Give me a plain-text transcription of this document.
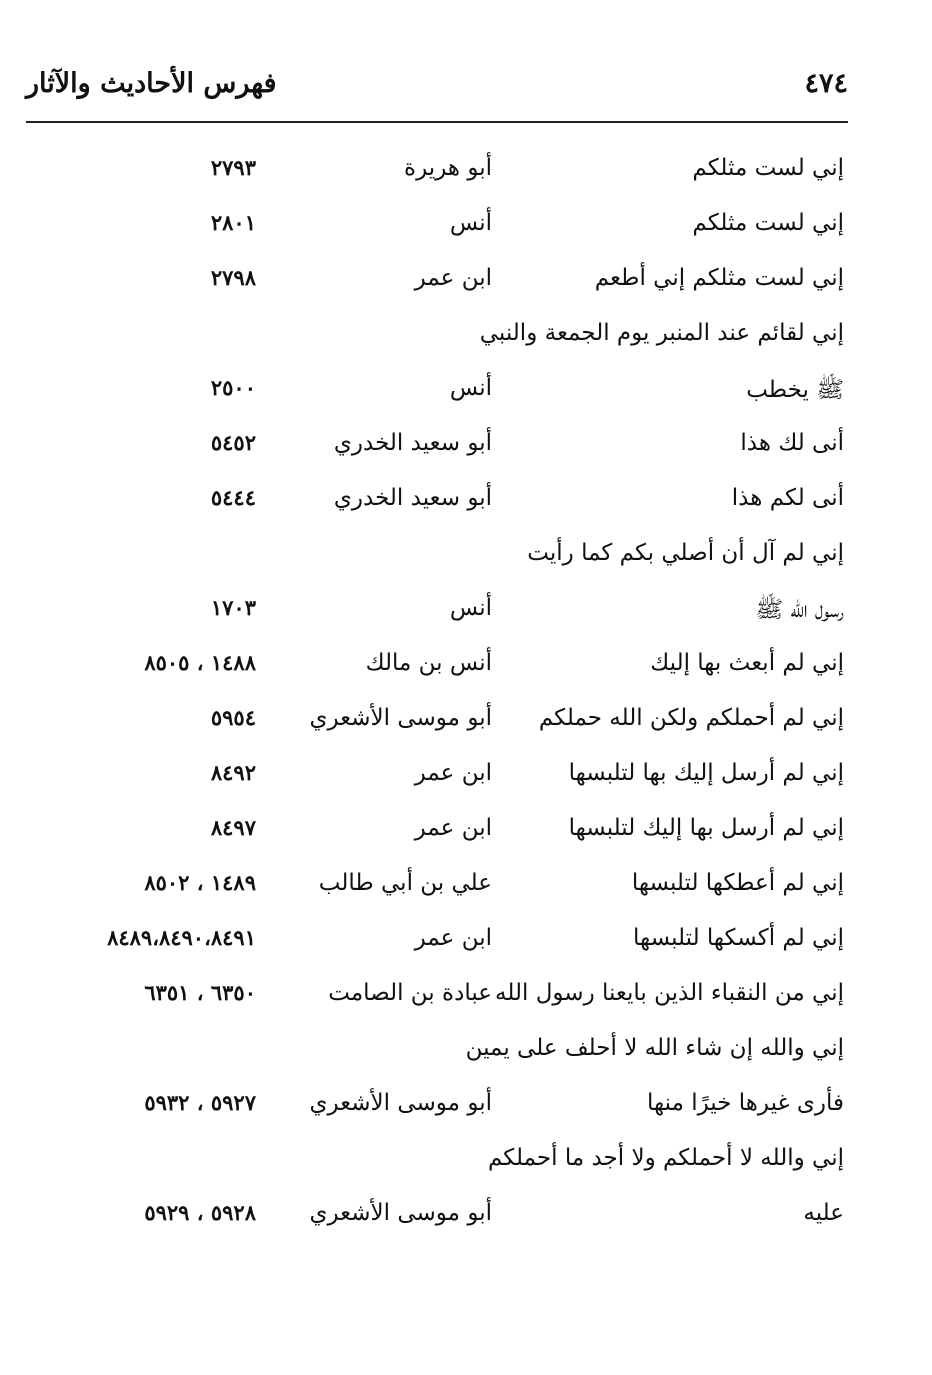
فهرس الأحاديث والآثار	٤٧٤
إني لست مثلكم
أبو هريرة
٢٧٩٣
إني لست مثلكم
أنس
٢٨٠١
إني لست مثلكم إني أطعم
ابن عمر
٢٧٩٨
إني لقائم عند المنبر يوم الجمعة والنبي
ﷺ يخطب
أنس
٢٥٠٠
أنى لك هذا
أبو سعيد الخدري
٥٤٥٢
أنى لكم هذا
أبو سعيد الخدري
٥٤٤٤
إني لم آل أن أصلي بكم كما رأيت
رسول الله ﷺ
أنس
١٧٠٣
إني لم أبعث بها إليك
أنس بن مالك
١٤٨٨ ، ٨٥٠٥
إني لم أحملكم ولكن الله حملكم
أبو موسى الأشعري
٥٩٥٤
إني لم أرسل إليك بها لتلبسها
ابن عمر
٨٤٩٢
إني لم أرسل بها إليك لتلبسها
ابن عمر
٨٤٩٧
إني لم أعطكها لتلبسها
علي بن أبي طالب
١٤٨٩ ، ٨٥٠٢
إني لم أكسكها لتلبسها
ابن عمر
٨٤٨٩،٨٤٩٠،٨٤٩١
إني من النقباء الذين بايعنا رسول الله
عبادة بن الصامت
٦٣٥٠ ، ٦٣٥١
إني والله إن شاء الله لا أحلف على يمين
فأرى غيرها خيرًا منها
أبو موسى الأشعري
٥٩٢٧ ، ٥٩٣٢
إني والله لا أحملكم ولا أجد ما أحملكم
عليه
أبو موسى الأشعري
٥٩٢٨ ، ٥٩٢٩
